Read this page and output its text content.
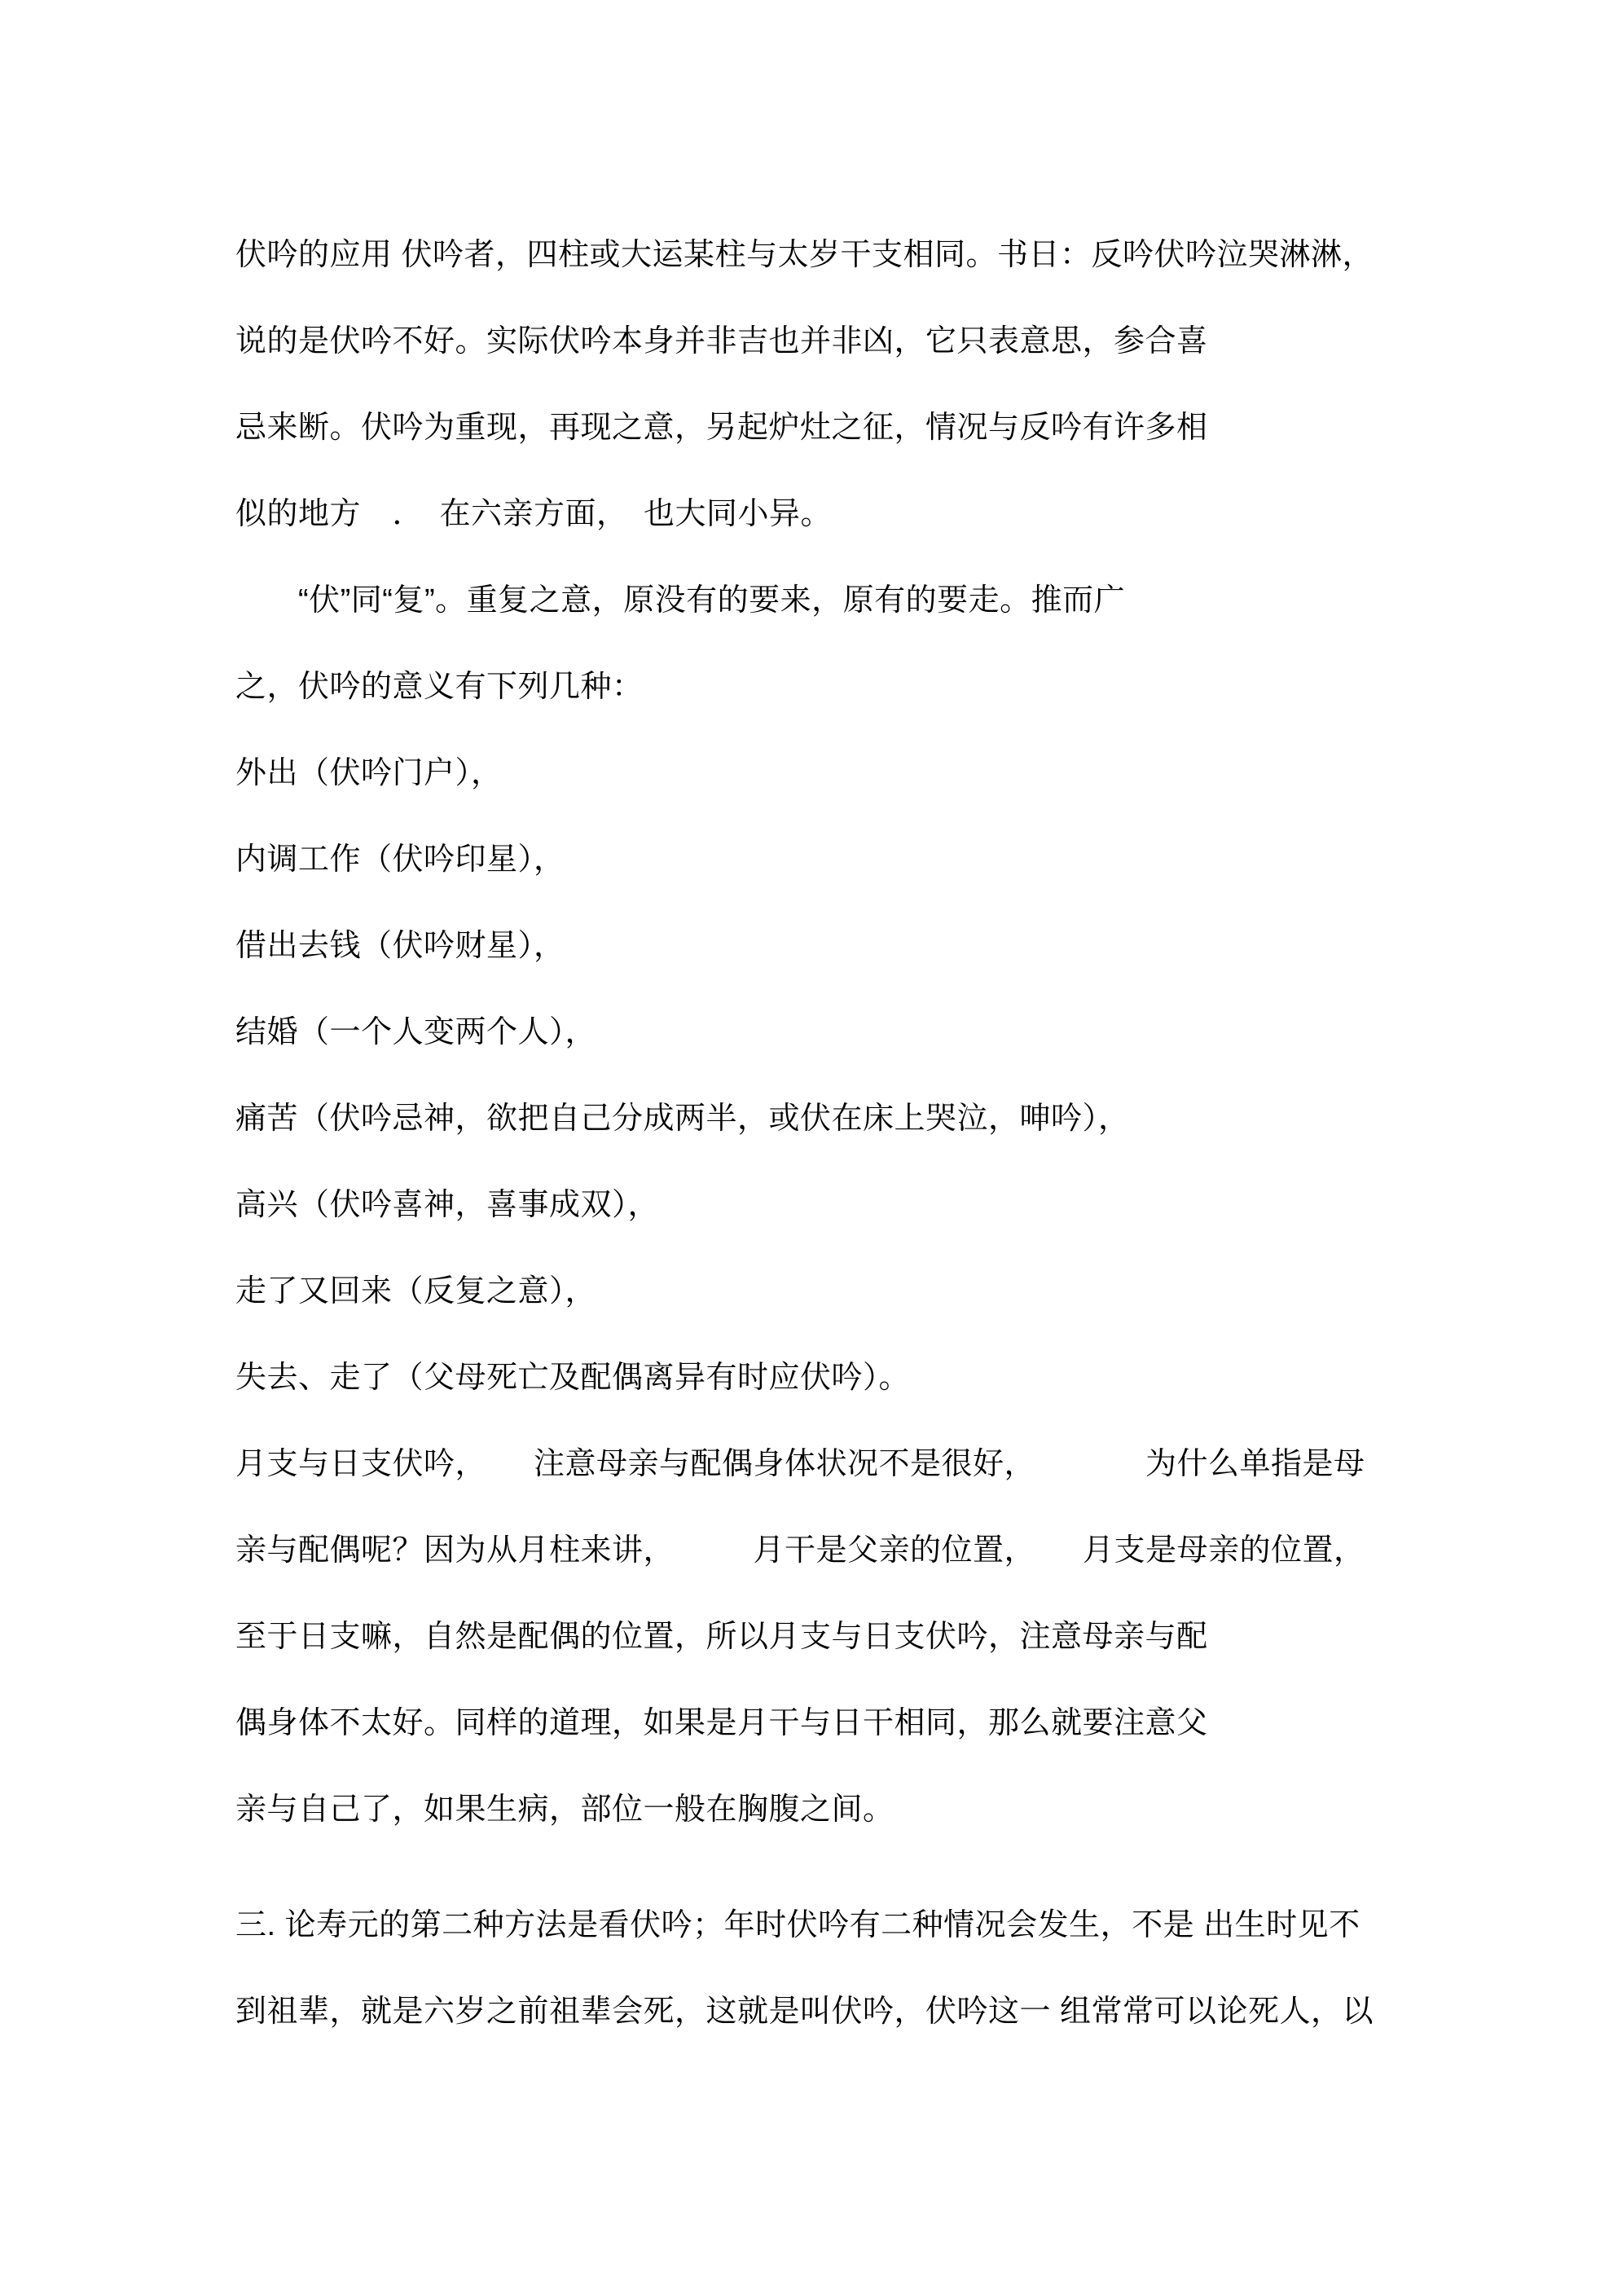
伏吟的应用 伏吟者，四柱或大运某柱与太岁干支相同。书日：反吟伏吟泣哭淋淋，
说的是伏吟不好。实际伏吟本身并非吉也并非凶，它只表意思，参合喜
忌来断。伏吟为重现，再现之意，另起炉灶之征，情况与反吟有许多相
似的地方　．　在六亲方面，　也大同小异。
　　“伏”同“复”。重复之意，原没有的要来，原有的要走。推而广
之，伏吟的意义有下列几种：
外出（伏吟门户），
内调工作（伏吟印星），
借出去钱（伏吟财星），
结婚（一个人变两个人），
痛苦（伏吟忌神，欲把自己分成两半，或伏在床上哭泣，呻吟），
高兴（伏吟喜神，喜事成双），
走了又回来（反复之意），
失去、走了（父母死亡及配偶离异有时应伏吟）。
月支与日支伏吟，　　注意母亲与配偶身体状况不是很好，　　　　为什么单指是母
亲与配偶呢？因为从月柱来讲，　　　月干是父亲的位置，　　月支是母亲的位置，
至于日支嘛，自然是配偶的位置，所以月支与日支伏吟，注意母亲与配
偶身体不太好。同样的道理，如果是月干与日干相同，那么就要注意父
亲与自己了，如果生病，部位一般在胸腹之间。
三. 论寿元的第二种方法是看伏吟；年时伏吟有二种情况会发生，不是 出生时见不
到祖辈，就是六岁之前祖辈会死，这就是叫伏吟，伏吟这一 组常常可以论死人，以
